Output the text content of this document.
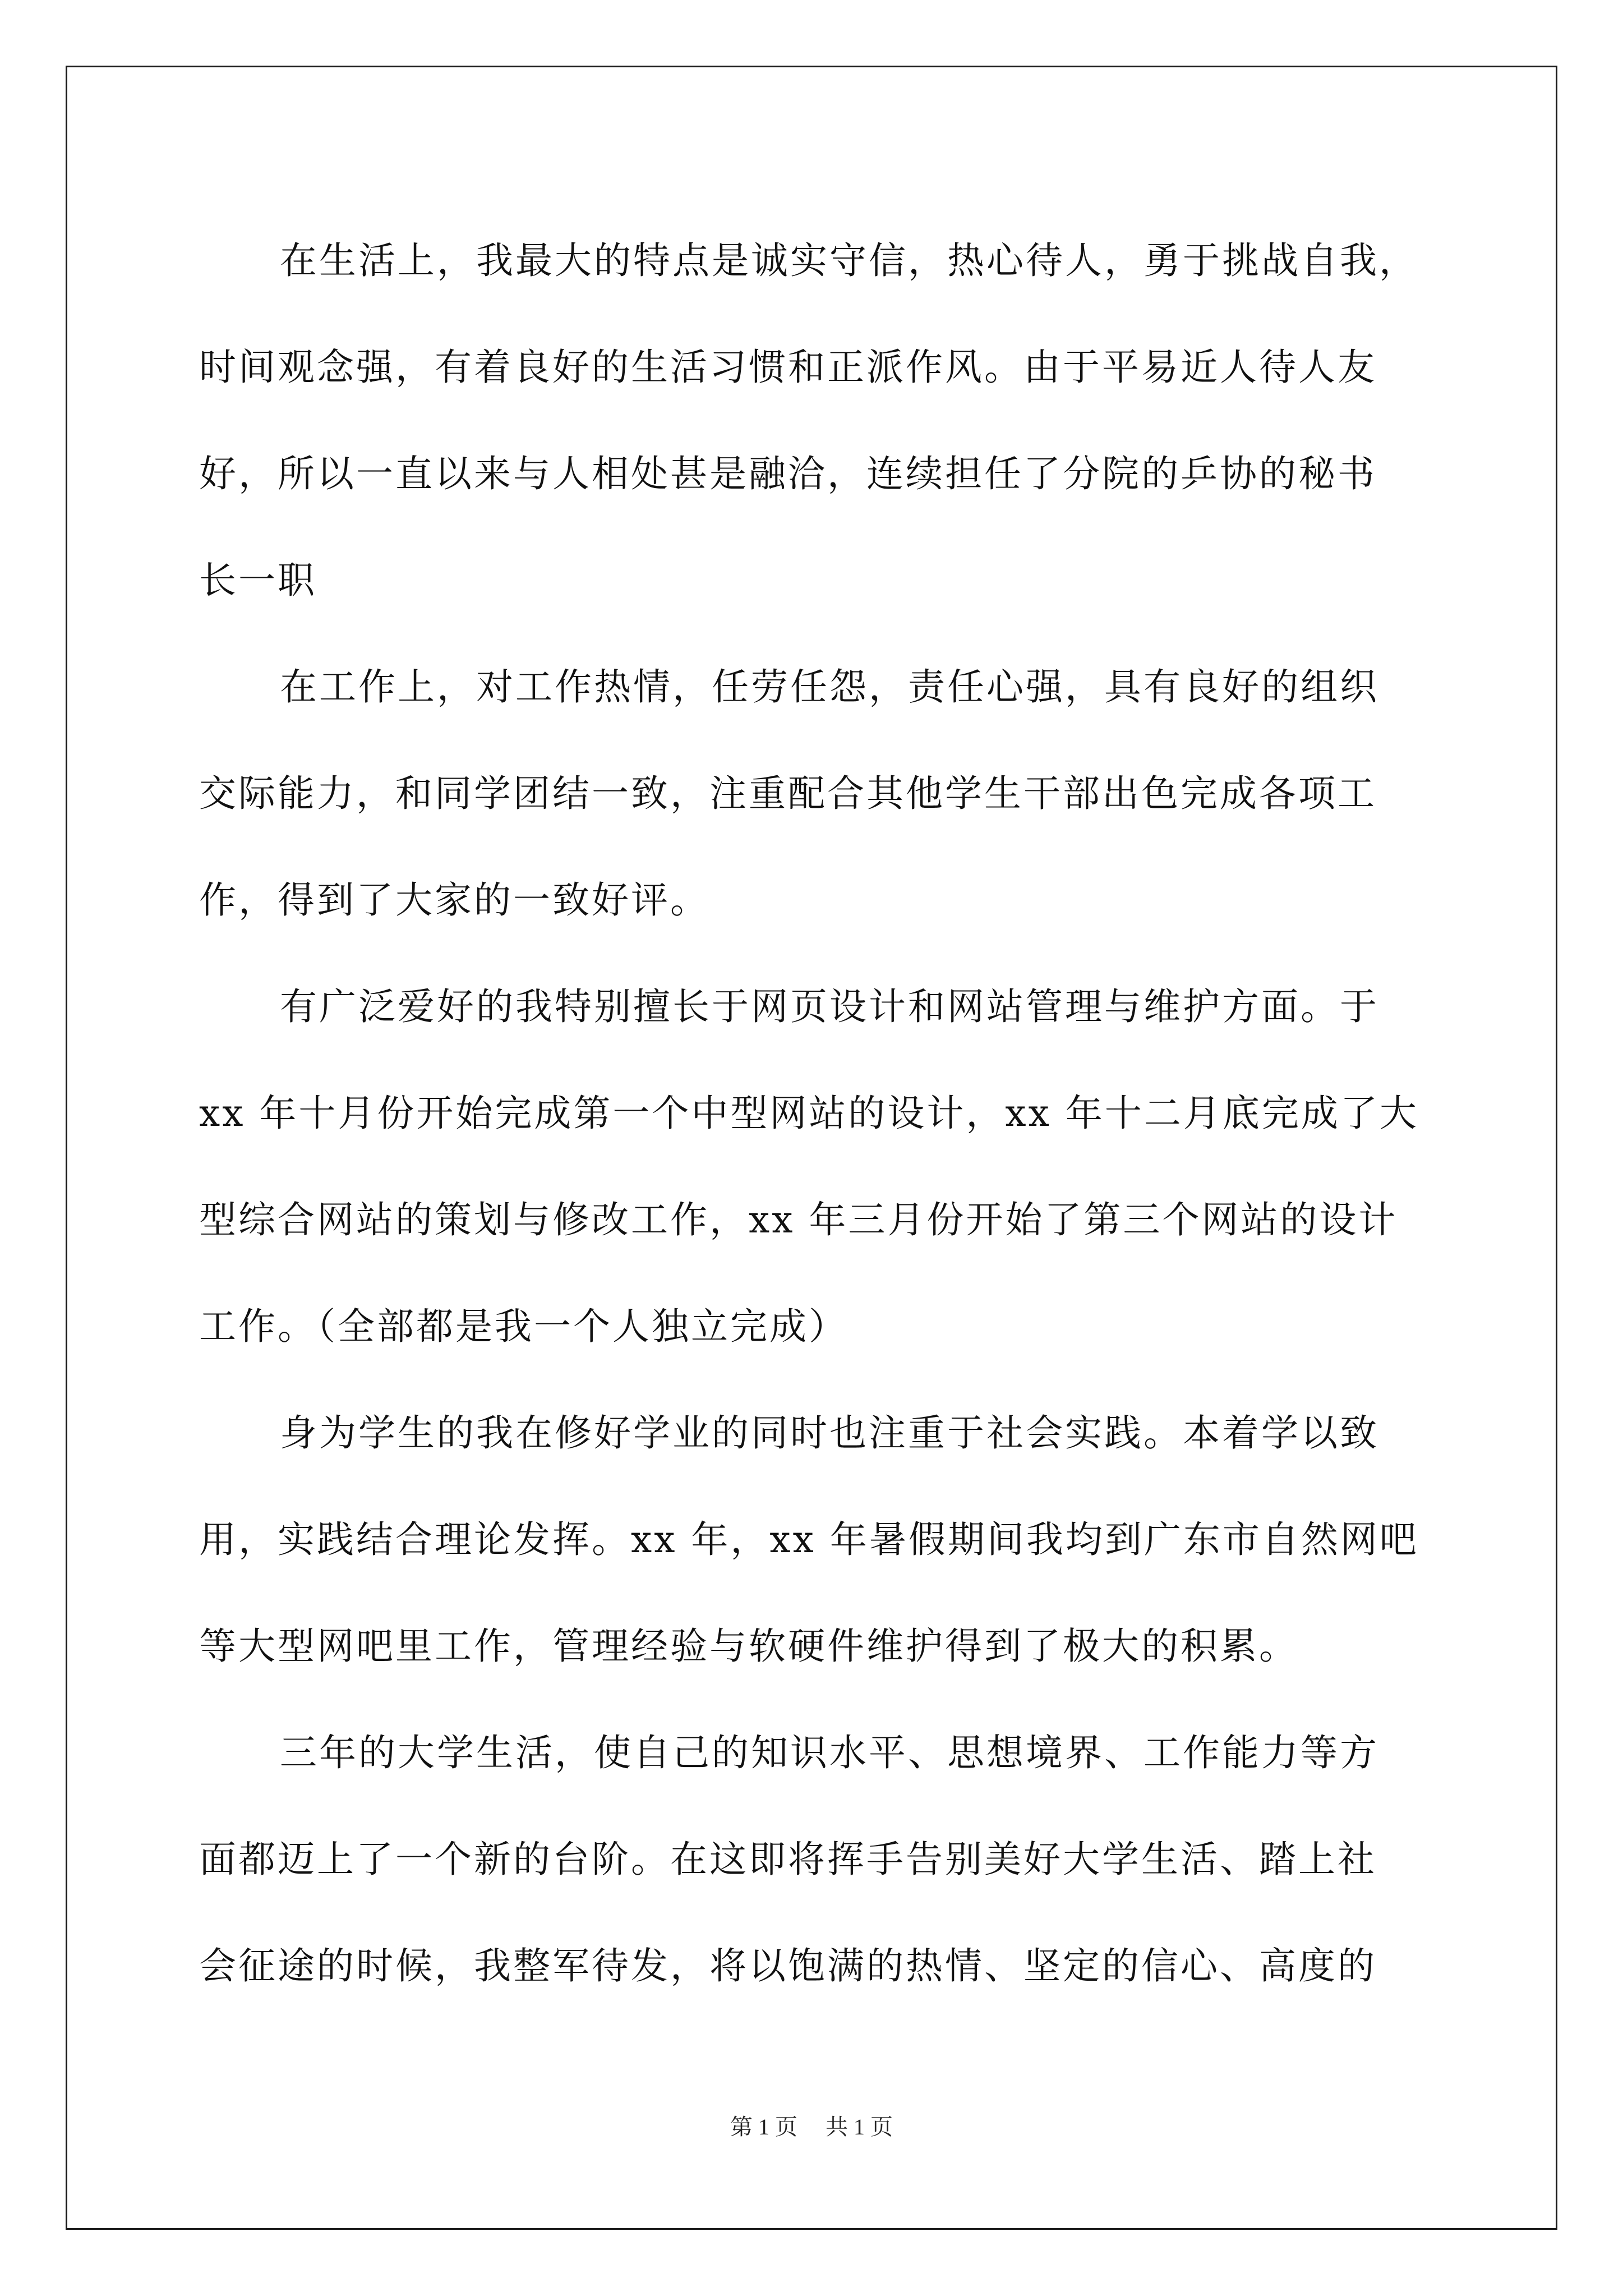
在生活上，我最大的特点是诚实守信，热心待人，勇于挑战自我，
时间观念强，有着良好的生活习惯和正派作风。由于平易近人待人友
好，所以一直以来与人相处甚是融洽，连续担任了分院的乒协的秘书
长一职
在工作上，对工作热情，任劳任怨，责任心强，具有良好的组织
交际能力，和同学团结一致，注重配合其他学生干部出色完成各项工
作，得到了大家的一致好评。
有广泛爱好的我特别擅长于网页设计和网站管理与维护方面。于
xx 年十月份开始完成第一个中型网站的设计，xx 年十二月底完成了大
型综合网站的策划与修改工作，xx 年三月份开始了第三个网站的设计
工作。（全部都是我一个人独立完成）
身为学生的我在修好学业的同时也注重于社会实践。本着学以致
用，实践结合理论发挥。xx 年，xx 年暑假期间我均到广东市自然网吧
等大型网吧里工作，管理经验与软硬件维护得到了极大的积累。
三年的大学生活，使自己的知识水平、思想境界、工作能力等方
面都迈上了一个新的台阶。在这即将挥手告别美好大学生活、踏上社
会征途的时候，我整军待发，将以饱满的热情、坚定的信心、高度的
第 1 页 共 1 页
